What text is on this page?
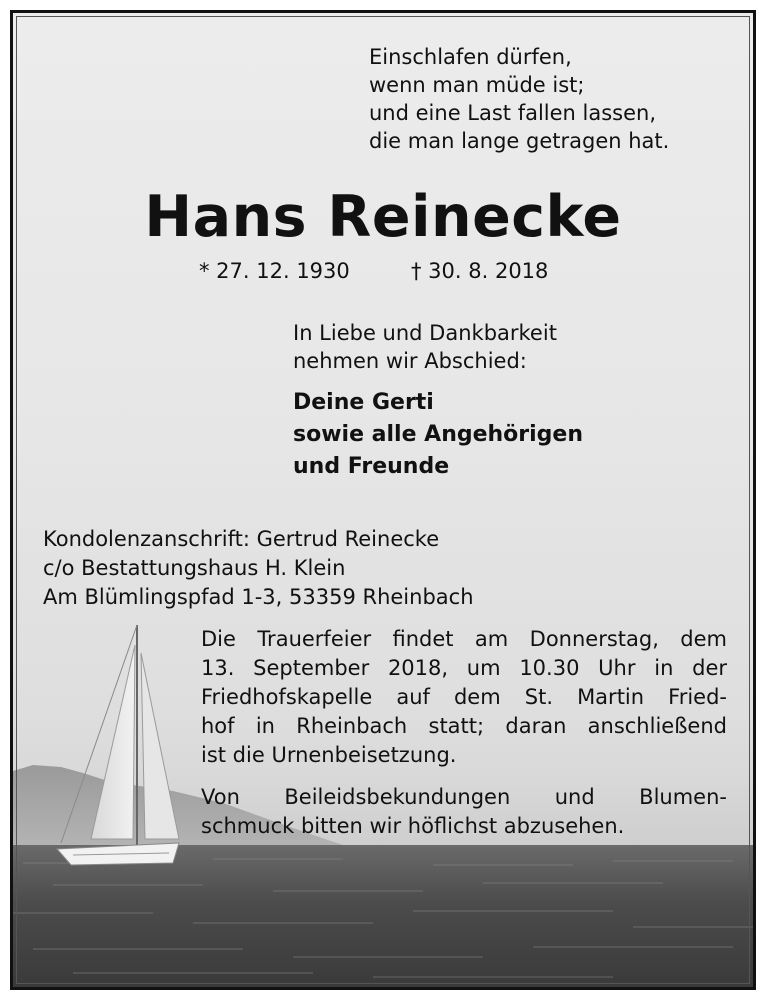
Einschlafen dürfen,
wenn man müde ist;
und eine Last fallen lassen,
die man lange getragen hat.
Hans Reinecke
* 27. 12. 1930	† 30. 8. 2018
In Liebe und Dankbarkeit
nehmen wir Abschied:
Deine Gerti
sowie alle Angehörigen
und Freunde
Kondolenzanschrift: Gertrud Reinecke
c/o Bestattungshaus H. Klein
Am Blümlingspfad 1-3, 53359 Rheinbach

Die Trauerfeier findet am Donnerstag, dem

13. September 2018, um 10.30 Uhr in der

Friedhofskapelle auf dem St. Martin Fried-

hof in Rheinbach statt; daran anschließend

ist die Urnenbeisetzung.

Von Beileidsbekundungen und Blumen-

schmuck bitten wir höflichst abzusehen.
